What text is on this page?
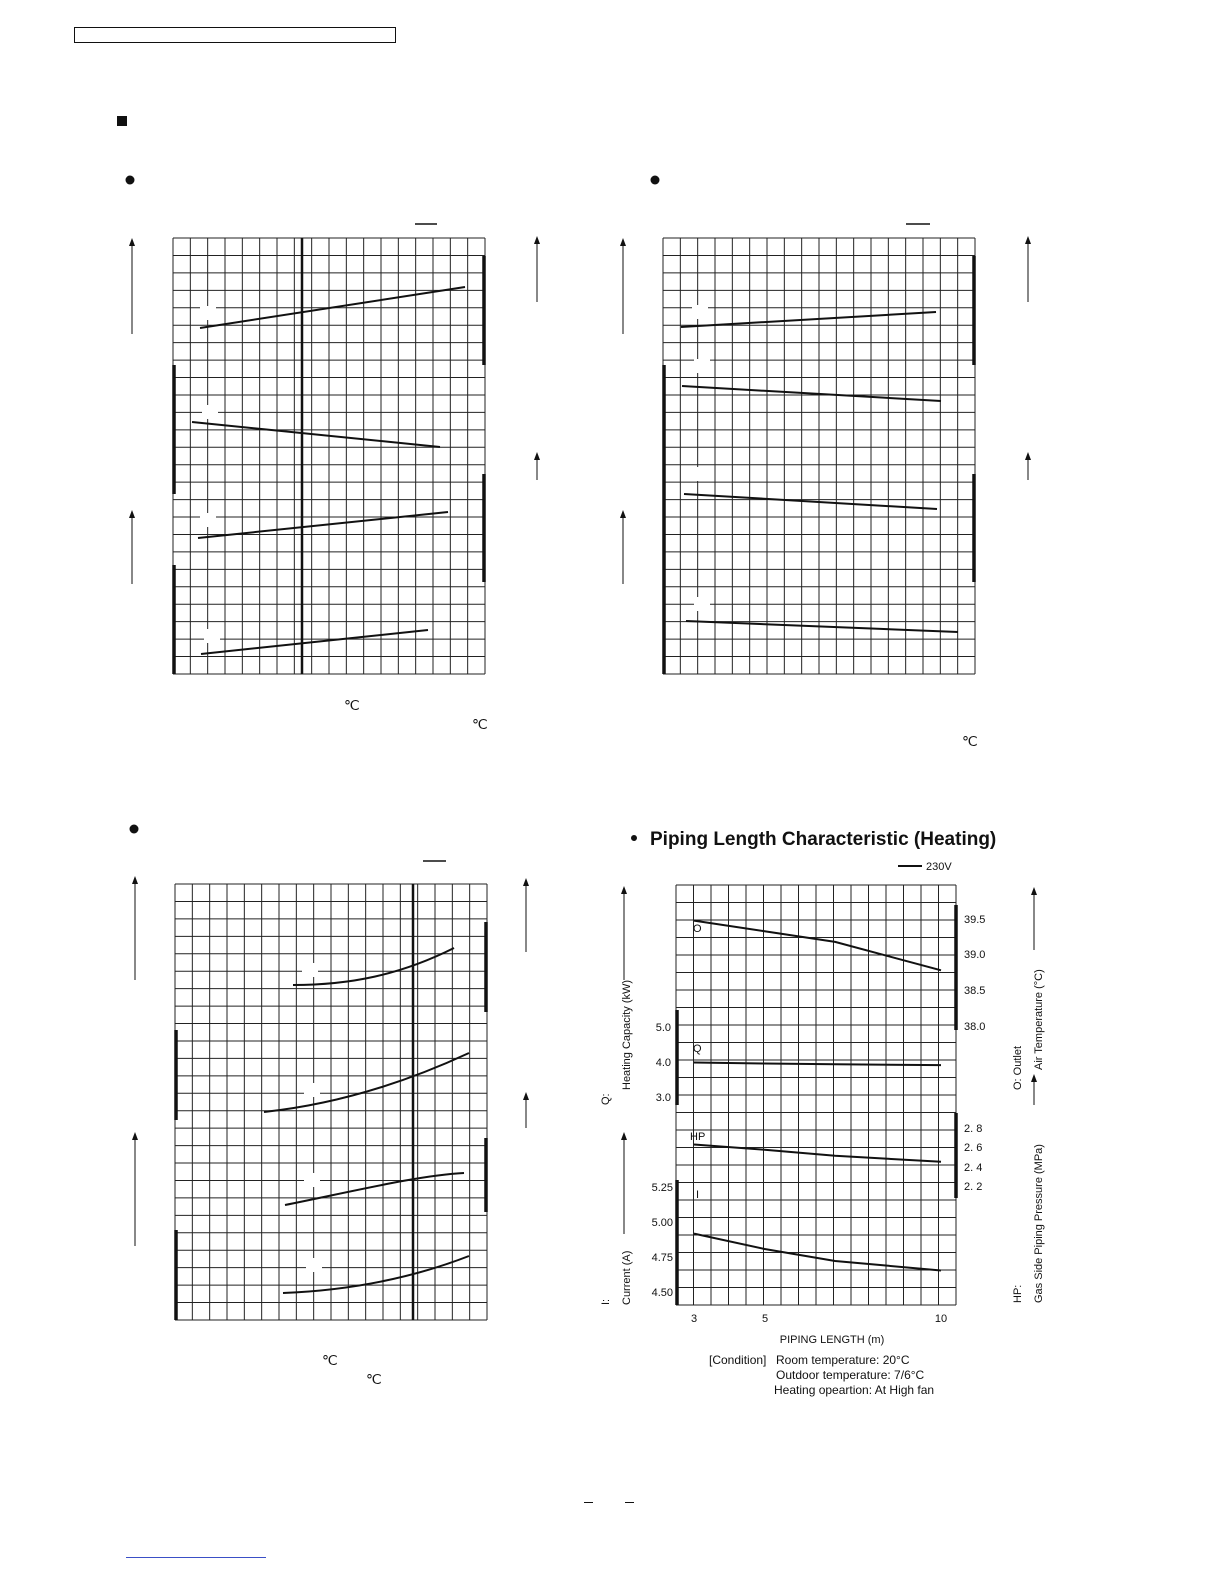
℃
℃
℃
℃
℃
Piping Length Characteristic (Heating)
230V
O
Q
HP
I
5.0
4.0
3.0
5.25
5.00
4.75
4.50
39.5
39.0
38.5
38.0
2. 8
2. 6
2. 4
2. 2
3	5	10
PIPING LENGTH (m)
Q:
Heating Capacity (kW)
I: Current (A)
O: Outlet Air Temperature (°C)
HP: Gas Side Piping Pressure (MPa)
[Condition] Room temperature: 20°C
Outdoor temperature: 7/6°C
Heating opeartion: At High fan
